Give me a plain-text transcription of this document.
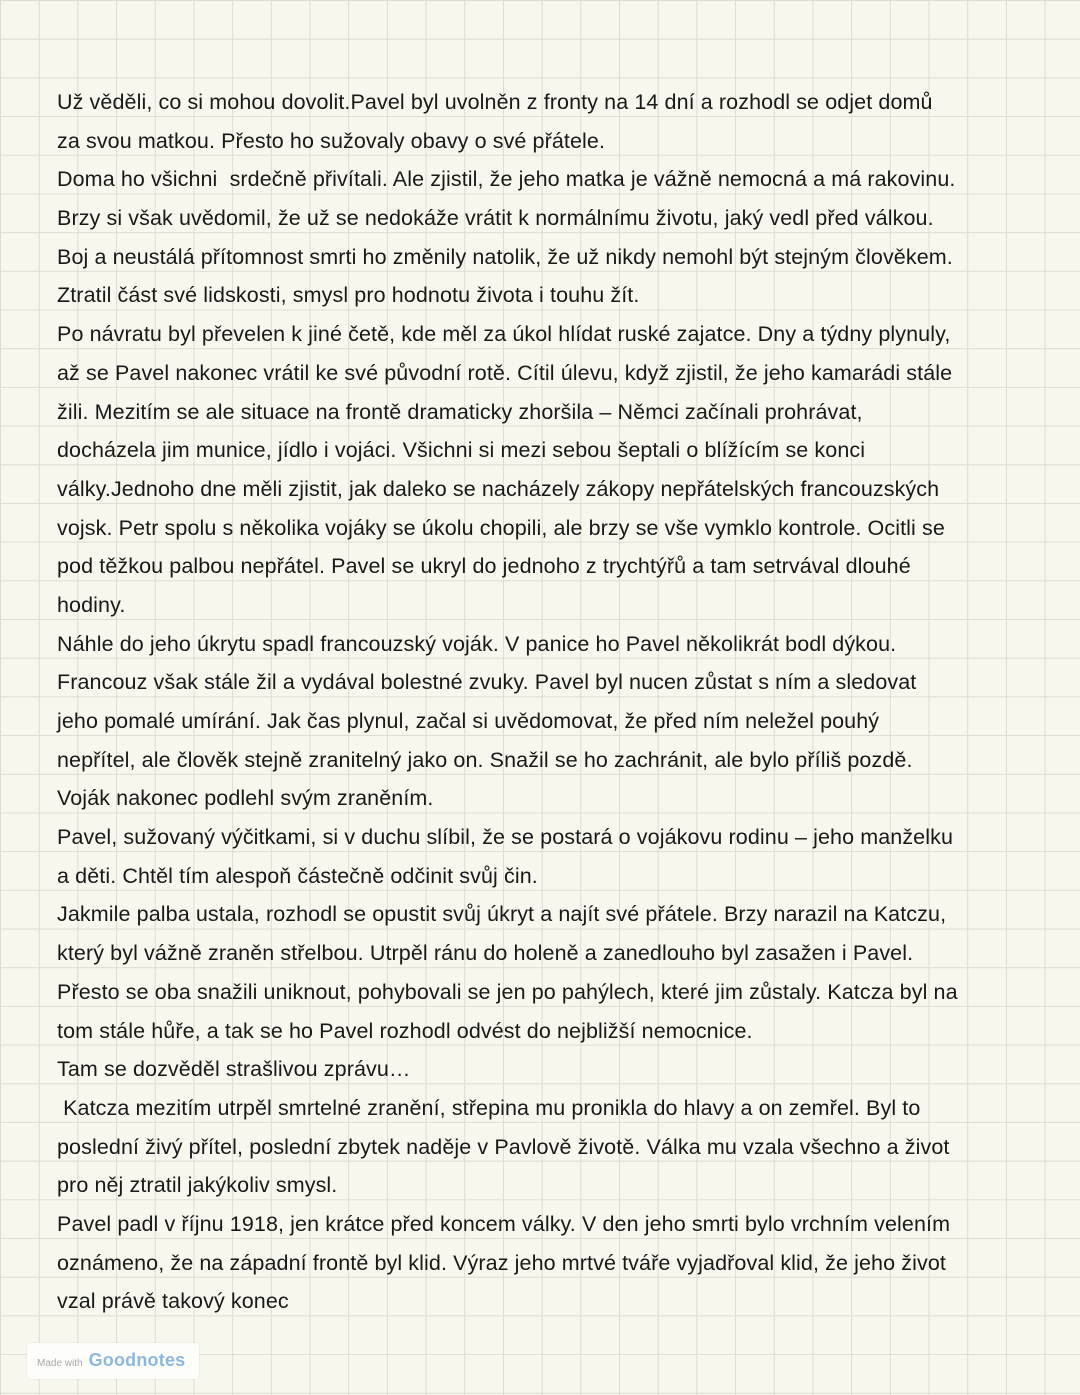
Už věděli, co si mohou dovolit.Pavel byl uvolněn z fronty na 14 dní a rozhodl se odjet domů
za svou matkou. Přesto ho sužovaly obavy o své přátele.
Doma ho všichni  srdečně přivítali. Ale zjistil, že jeho matka je vážně nemocná a má rakovinu.
Brzy si však uvědomil, že už se nedokáže vrátit k normálnímu životu, jaký vedl před válkou.
Boj a neustálá přítomnost smrti ho změnily natolik, že už nikdy nemohl být stejným člověkem.
Ztratil část své lidskosti, smysl pro hodnotu života i touhu žít.
Po návratu byl převelen k jiné četě, kde měl za úkol hlídat ruské zajatce. Dny a týdny plynuly,
až se Pavel nakonec vrátil ke své původní rotě. Cítil úlevu, když zjistil, že jeho kamarádi stále
žili. Mezitím se ale situace na frontě dramaticky zhoršila – Němci začínali prohrávat,
docházela jim munice, jídlo i vojáci. Všichni si mezi sebou šeptali o blížícím se konci
války.Jednoho dne měli zjistit, jak daleko se nacházely zákopy nepřátelských francouzských
vojsk. Petr spolu s několika vojáky se úkolu chopili, ale brzy se vše vymklo kontrole. Ocitli se
pod těžkou palbou nepřátel. Pavel se ukryl do jednoho z trychtýřů a tam setrvával dlouhé
hodiny.
Náhle do jeho úkrytu spadl francouzský voják. V panice ho Pavel několikrát bodl dýkou.
Francouz však stále žil a vydával bolestné zvuky. Pavel byl nucen zůstat s ním a sledovat
jeho pomalé umírání. Jak čas plynul, začal si uvědomovat, že před ním neležel pouhý
nepřítel, ale člověk stejně zranitelný jako on. Snažil se ho zachránit, ale bylo příliš pozdě.
Voják nakonec podlehl svým zraněním.
Pavel, sužovaný výčitkami, si v duchu slíbil, že se postará o vojákovu rodinu – jeho manželku
a děti. Chtěl tím alespoň částečně odčinit svůj čin.
Jakmile palba ustala, rozhodl se opustit svůj úkryt a najít své přátele. Brzy narazil na Katczu,
který byl vážně zraněn střelbou. Utrpěl ránu do holeně a zanedlouho byl zasažen i Pavel.
Přesto se oba snažili uniknout, pohybovali se jen po pahýlech, které jim zůstaly. Katcza byl na
tom stále hůře, a tak se ho Pavel rozhodl odvést do nejbližší nemocnice.
Tam se dozvěděl strašlivou zprávu…
Katcza mezitím utrpěl smrtelné zranění, střepina mu pronikla do hlavy a on zemřel. Byl to
poslední živý přítel, poslední zbytek naděje v Pavlově životě. Válka mu vzala všechno a život
pro něj ztratil jakýkoliv smysl.
Pavel padl v říjnu 1918, jen krátce před koncem války. V den jeho smrti bylo vrchním velením
oznámeno, že na západní frontě byl klid. Výraz jeho mrtvé tváře vyjadřoval klid, že jeho život
vzal právě takový konec
Made with Goodnotes
